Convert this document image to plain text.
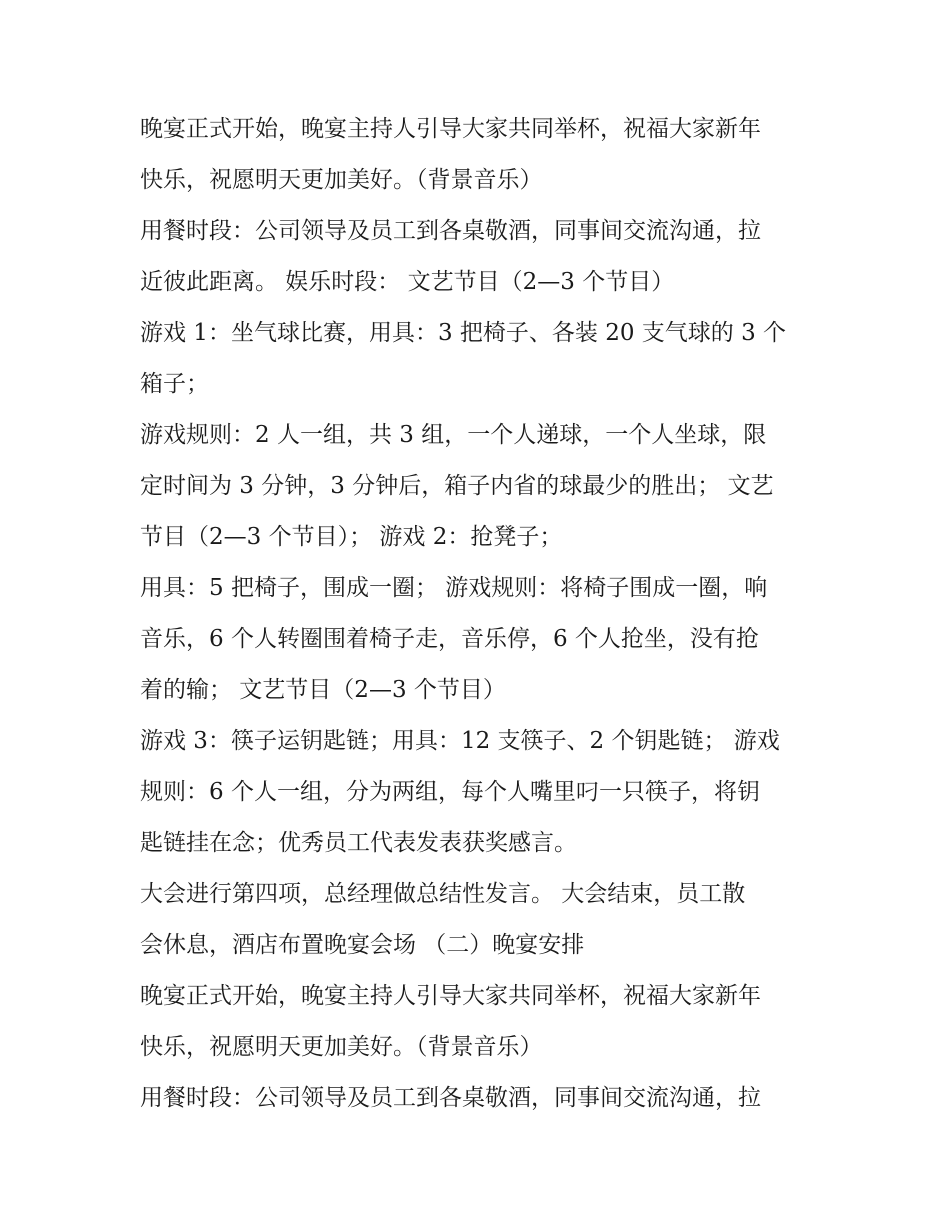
晚宴正式开始，晚宴主持人引导大家共同举杯，祝福大家新年
快乐，祝愿明天更加美好。（背景音乐）
用餐时段：公司领导及员工到各桌敬酒，同事间交流沟通，拉
近彼此距离。 娱乐时段： 文艺节目（2—3 个节目）
游戏 1：坐气球比赛，用具：3 把椅子、各装 20 支气球的 3 个
箱子；
游戏规则：2 人一组，共 3 组，一个人递球，一个人坐球，限
定时间为 3 分钟，3 分钟后，箱子内省的球最少的胜出； 文艺
节目（2—3 个节目）； 游戏 2：抢凳子；
用具：5 把椅子，围成一圈； 游戏规则：将椅子围成一圈，响
音乐，6 个人转圈围着椅子走，音乐停，6 个人抢坐，没有抢
着的输； 文艺节目（2—3 个节目）
游戏 3：筷子运钥匙链；用具：12 支筷子、2 个钥匙链； 游戏
规则：6 个人一组，分为两组，每个人嘴里叼一只筷子，将钥
匙链挂在念；优秀员工代表发表获奖感言。
大会进行第四项，总经理做总结性发言。 大会结束，员工散
会休息，酒店布置晚宴会场 （二）晚宴安排
晚宴正式开始，晚宴主持人引导大家共同举杯，祝福大家新年
快乐，祝愿明天更加美好。（背景音乐）
用餐时段：公司领导及员工到各桌敬酒，同事间交流沟通，拉
